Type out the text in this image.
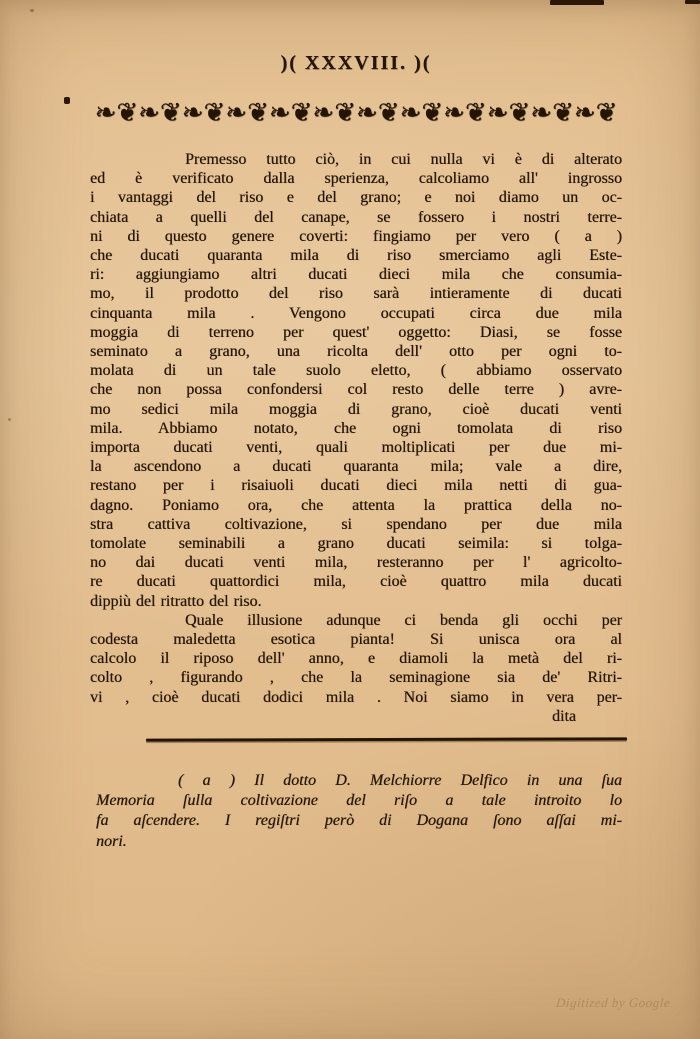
)( XXXVIII. )(
❧❦❧❦❧❦❧❦❧❦❧❦❧❦❧❦❧❦❧❦❧❦❧❦
Premesso tutto ciò, in cui nulla vi è di alterato
ed è verificato dalla sperienza, calcoliamo all' ingrosso
i vantaggi del riso e del grano; e noi diamo un oc-
chiata a quelli del canape, se fossero i nostri terre-
ni di questo genere coverti: fingiamo per vero ( a )
che ducati quaranta mila di riso smerciamo agli Este-
ri: aggiungiamo altri ducati dieci mila che consumia-
mo, il prodotto del riso sarà intieramente di ducati
cinquanta mila . Vengono occupati circa due mila
moggia di terreno per quest' oggetto: Diasi, se fosse
seminato a grano, una ricolta dell' otto per ogni to-
molata di un tale suolo eletto, ( abbiamo osservato
che non possa confondersi col resto delle terre ) avre-
mo sedici mila moggia di grano, cioè ducati venti
mila. Abbiamo notato, che ogni tomolata di riso
importa ducati venti, quali moltiplicati per due mi-
la ascendono a ducati quaranta mila; vale a dire,
restano per i risaiuoli ducati dieci mila netti di gua-
dagno. Poniamo ora, che attenta la prattica della no-
stra cattiva coltivazione, si spendano per due mila
tomolate seminabili a grano ducati seimila: si tolga-
no dai ducati venti mila, resteranno per l' agricolto-
re ducati quattordici mila, cioè quattro mila ducati
dippiù del ritratto del riso.
Quale illusione adunque ci benda gli occhi per
codesta maledetta esotica pianta! Si unisca ora al
calcolo il riposo dell' anno, e diamoli la metà del ri-
colto , figurando , che la seminagione sia de' Ritri-
vi , cioè ducati dodici mila . Noi siamo in vera per-
dita
( a ) Il dotto D. Melchiorre Delfico in una ſua
Memoria ſulla coltivazione del riſo a tale introito lo
fa aſcendere. I regiſtri però di Dogana ſono aſſai mi-
nori.
Digitized by Google
